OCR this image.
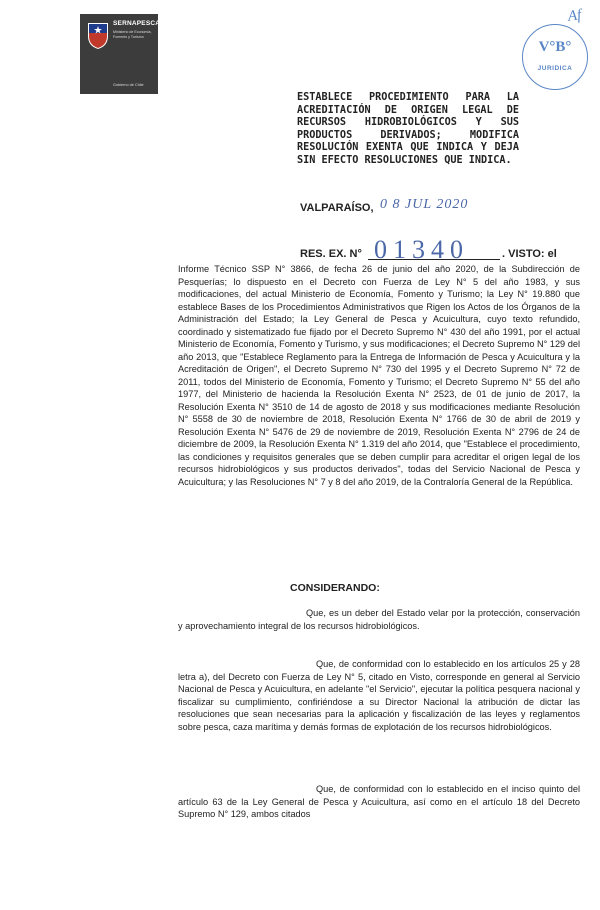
SERNAPESCA
Ministerio de Economía, Fomento y Turismo
Gobierno de Chile
V°B°
JURIDICA
Af

ESTABLECE PROCEDIMIENTO PARA LA ACREDITACIÓN DE ORIGEN LEGAL DE RECURSOS HIDROBIOLÓGICOS Y SUS PRODUCTOS DERIVADOS; MODIFICA RESOLUCIÓN EXENTA QUE INDICA Y DEJA SIN EFECTO RESOLUCIONES QUE INDICA.

VALPARAÍSO, 0 8 JUL 2020
RES. EX. N° 01340	. VISTO: el

Informe Técnico SSP N° 3866, de fecha 26 de junio del año 2020, de la Subdirección de Pesquerías; lo dispuesto en el Decreto con Fuerza de Ley N° 5 del año 1983, y sus modificaciones, del actual Ministerio de Economía, Fomento y Turismo; la Ley N° 19.880 que establece Bases de los Procedimientos Administrativos que Rigen los Actos de los Órganos de la Administración del Estado; la Ley General de Pesca y Acuicultura, cuyo texto refundido, coordinado y sistematizado fue fijado por el Decreto Supremo N° 430 del año 1991, por el actual Ministerio de Economía, Fomento y Turismo, y sus modificaciones; el Decreto Supremo N° 129 del año 2013, que "Establece Reglamento para la Entrega de Información de Pesca y Acuicultura y la Acreditación de Origen", el Decreto Supremo N° 730 del 1995 y el Decreto Supremo N° 72 de 2011, todos del Ministerio de Economía, Fomento y Turismo; el Decreto Supremo N° 55 del año 1977, del Ministerio de hacienda la Resolución Exenta N° 2523, de 01 de junio de 2017, la Resolución Exenta N° 3510 de 14 de agosto de 2018 y sus modificaciones mediante Resolución N° 5558 de 30 de noviembre de 2018, Resolución Exenta N° 1766 de 30 de abril de 2019 y Resolución Exenta N° 5476 de 29 de noviembre de 2019, Resolución Exenta N° 2796 de 24 de diciembre de 2009, la Resolución Exenta N° 1.319 del año 2014, que "Establece el procedimiento, las condiciones y requisitos generales que se deben cumplir para acreditar el origen legal de los recursos hidrobiológicos y sus productos derivados", todas del Servicio Nacional de Pesca y Acuicultura; y las Resoluciones N° 7 y 8 del año 2019, de la Contraloría General de la República.

CONSIDERANDO:

Que, es un deber del Estado velar por la protección, conservación y aprovechamiento integral de los recursos hidrobiológicos.

Que, de conformidad con lo establecido en los artículos 25 y 28 letra a), del Decreto con Fuerza de Ley N° 5, citado en Visto, corresponde en general al Servicio Nacional de Pesca y Acuicultura, en adelante "el Servicio", ejecutar la política pesquera nacional y fiscalizar su cumplimiento, confiriéndose a su Director Nacional la atribución de dictar las resoluciones que sean necesarias para la aplicación y fiscalización de las leyes y reglamentos sobre pesca, caza marítima y demás formas de explotación de los recursos hidrobiológicos.

Que, de conformidad con lo establecido en el inciso quinto del artículo 63 de la Ley General de Pesca y Acuicultura, así como en el artículo 18 del Decreto Supremo N° 129, ambos citados
